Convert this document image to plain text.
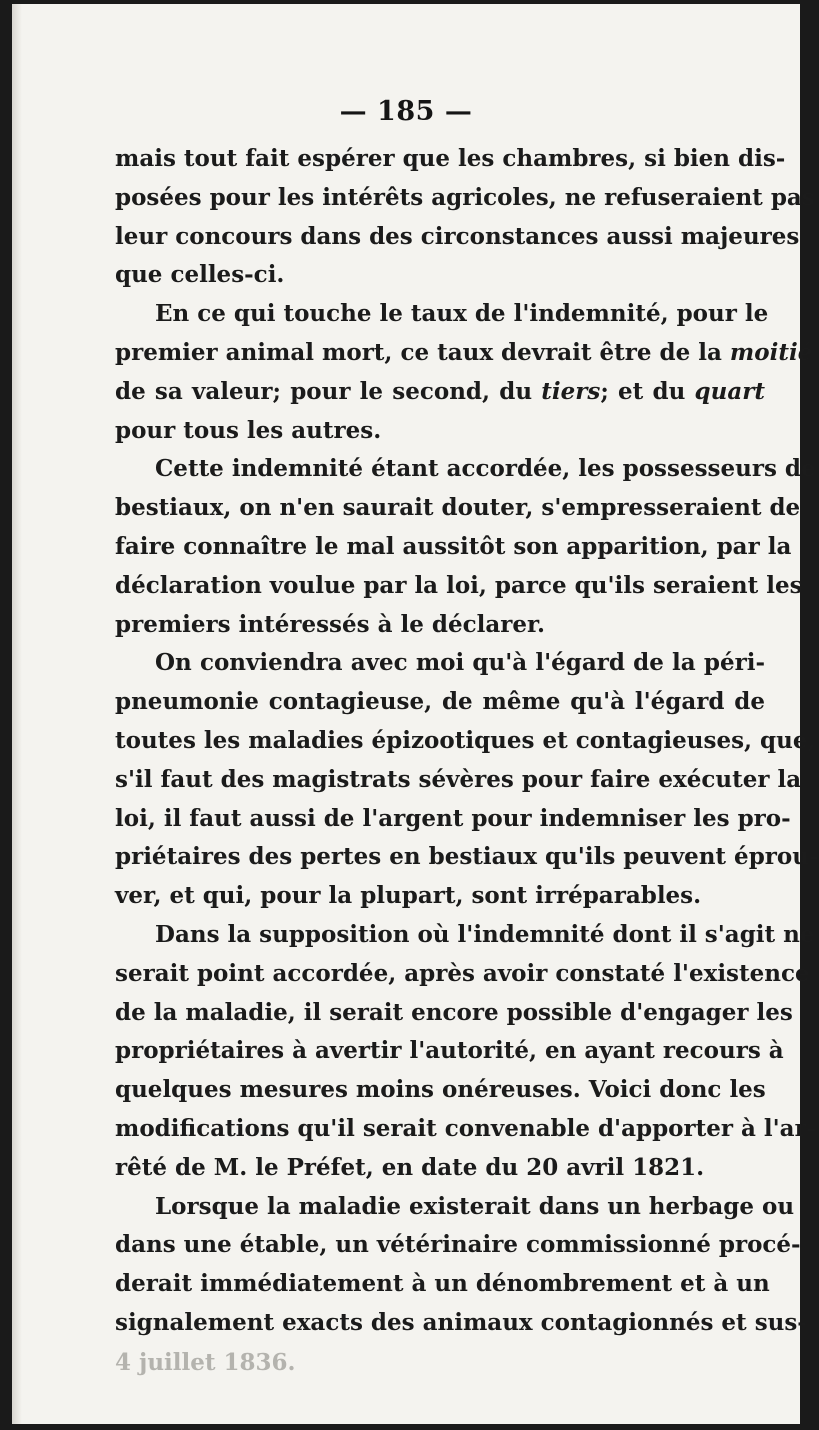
— 185 —
mais tout fait espérer que les chambres, si bien dis-
posées pour les intérêts agricoles, ne refuseraient pas
leur concours dans des circonstances aussi majeures
que celles-ci.
En ce qui touche le taux de l'indemnité, pour le
premier animal mort, ce taux devrait être de la moitié
de sa valeur; pour le second, du tiers; et du quart
pour tous les autres.
Cette indemnité étant accordée, les possesseurs de
bestiaux, on n'en saurait douter, s'empresseraient de
faire connaître le mal aussitôt son apparition, par la
déclaration voulue par la loi, parce qu'ils seraient les
premiers intéressés à le déclarer.
On conviendra avec moi qu'à l'égard de la péri-
pneumonie contagieuse, de même qu'à l'égard de
toutes les maladies épizootiques et contagieuses, que,
s'il faut des magistrats sévères pour faire exécuter la
loi, il faut aussi de l'argent pour indemniser les pro-
priétaires des pertes en bestiaux qu'ils peuvent éprou-
ver, et qui, pour la plupart, sont irréparables.
Dans la supposition où l'indemnité dont il s'agit ne
serait point accordée, après avoir constaté l'existence
de la maladie, il serait encore possible d'engager les
propriétaires à avertir l'autorité, en ayant recours à
quelques mesures moins onéreuses. Voici donc les
modifications qu'il serait convenable d'apporter à l'ar-
rêté de M. le Préfet, en date du 20 avril 1821.
Lorsque la maladie existerait dans un herbage ou
dans une étable, un vétérinaire commissionné procé-
derait immédiatement à un dénombrement et à un
signalement exacts des animaux contagionnés et sus-
4 juillet 1836.
